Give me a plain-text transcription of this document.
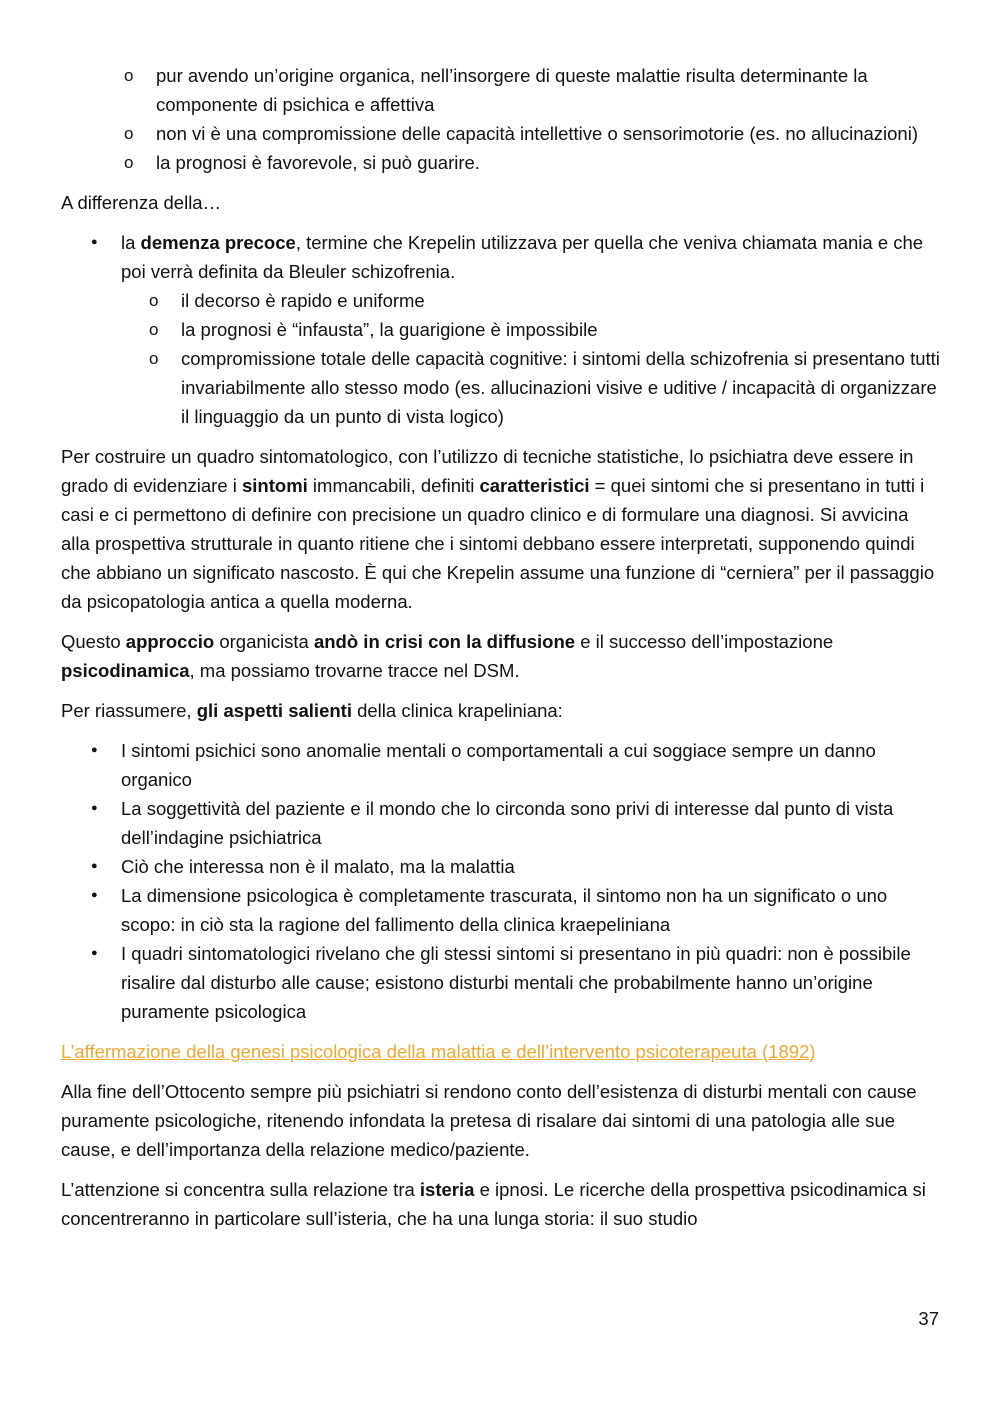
o pur avendo un’origine organica, nell’insorgere di queste malattie risulta determinante la componente di psichica e affettiva
o non vi è una compromissione delle capacità intellettive o sensorimotorie (es. no allucinazioni)
o la prognosi è favorevole, si può guarire.

A differenza della…

● la demenza precoce, termine che Krepelin utilizzava per quella che veniva chiamata mania e che poi verrà definita da Bleuler schizofrenia.
o il decorso è rapido e uniforme
o la prognosi è “infausta”, la guarigione è impossibile
o compromissione totale delle capacità cognitive: i sintomi della schizofrenia si presentano tutti invariabilmente allo stesso modo (es. allucinazioni visive e uditive / incapacità di organizzare il linguaggio da un punto di vista logico)

Per costruire un quadro sintomatologico, con l’utilizzo di tecniche statistiche, lo psichiatra deve essere in grado di evidenziare i sintomi immancabili, definiti caratteristici = quei sintomi che si presentano in tutti i casi e ci permettono di definire con precisione un quadro clinico e di formulare una diagnosi. Si avvicina alla prospettiva strutturale in quanto ritiene che i sintomi debbano essere interpretati, supponendo quindi che abbiano un significato nascosto. È qui che Krepelin assume una funzione di “cerniera” per il passaggio da psicopatologia antica a quella moderna.

Questo approccio organicista andò in crisi con la diffusione e il successo dell’impostazione psicodinamica, ma possiamo trovarne tracce nel DSM.

Per riassumere, gli aspetti salienti della clinica krapeliniana:

● I sintomi psichici sono anomalie mentali o comportamentali a cui soggiace sempre un danno organico
● La soggettività del paziente e il mondo che lo circonda sono privi di interesse dal punto di vista dell’indagine psichiatrica
● Ciò che interessa non è il malato, ma la malattia
● La dimensione psicologica è completamente trascurata, il sintomo non ha un significato o uno scopo: in ciò sta la ragione del fallimento della clinica kraepeliniana
● I quadri sintomatologici rivelano che gli stessi sintomi si presentano in più quadri: non è possibile risalire dal disturbo alle cause; esistono disturbi mentali che probabilmente hanno un’origine puramente psicologica

L’affermazione della genesi psicologica della malattia e dell’intervento psicoterapeuta (1892)

Alla fine dell’Ottocento sempre più psichiatri si rendono conto dell’esistenza di disturbi mentali con cause puramente psicologiche, ritenendo infondata la pretesa di risalare dai sintomi di una patologia alle sue cause, e dell’importanza della relazione medico/paziente.

L’attenzione si concentra sulla relazione tra isteria e ipnosi. Le ricerche della prospettiva psicodinamica si concentreranno in particolare sull’isteria, che ha una lunga storia: il suo studio

37
